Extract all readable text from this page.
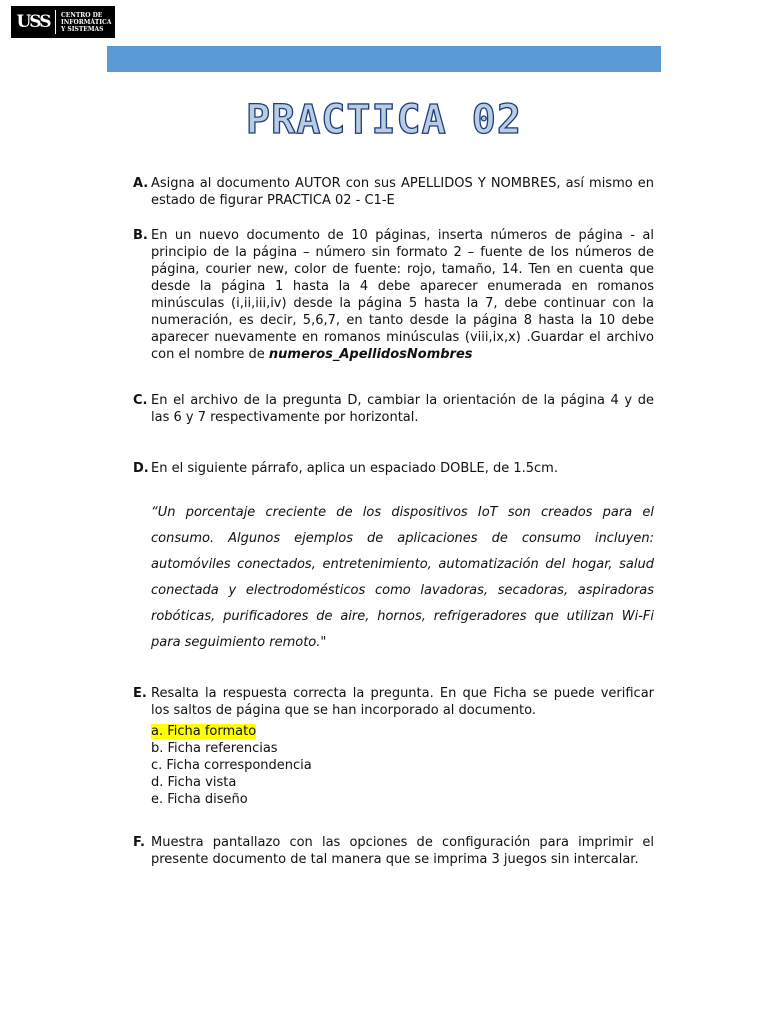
USS	CENTRO DE
INFORMÁTICA
Y SISTEMAS
PRACTICA 02
A. Asigna al documento AUTOR con sus APELLIDOS Y NOMBRES, así mismo en estado de figurar PRACTICA 02 - C1-E
B. En un nuevo documento de 10 páginas, inserta números de página - al principio de la página – número sin formato 2 – fuente de los números de página, courier new, color de fuente: rojo, tamaño, 14. Ten en cuenta que desde la página 1 hasta la 4 debe aparecer enumerada en romanos minúsculas (i,ii,iii,iv) desde la página 5 hasta la 7, debe continuar con la numeración, es decir, 5,6,7, en tanto desde la página 8 hasta la 10 debe aparecer nuevamente en romanos minúsculas (viii,ix,x) .Guardar el archivo con el nombre de numeros_ApellidosNombres
C. En el archivo de la pregunta D, cambiar la orientación de la página 4 y de las 6 y 7 respectivamente por horizontal.
D. En el siguiente párrafo, aplica un espaciado DOBLE, de 1.5cm.
“Un porcentaje creciente de los dispositivos IoT son creados para el consumo. Algunos ejemplos de aplicaciones de consumo incluyen: automóviles conectados, entretenimiento, automatización del hogar, salud conectada y electrodomésticos como lavadoras, secadoras, aspiradoras robóticas, purificadores de aire, hornos, refrigeradores que utilizan Wi-Fi para seguimiento remoto."
E. Resalta la respuesta correcta la pregunta. En que Ficha se puede verificar los saltos de página que se han incorporado al documento.
a. Ficha formato
b. Ficha referencias
c. Ficha correspondencia
d. Ficha vista
e. Ficha diseño
F. Muestra pantallazo con las opciones de configuración para imprimir el presente documento de tal manera que se imprima 3 juegos sin intercalar.
